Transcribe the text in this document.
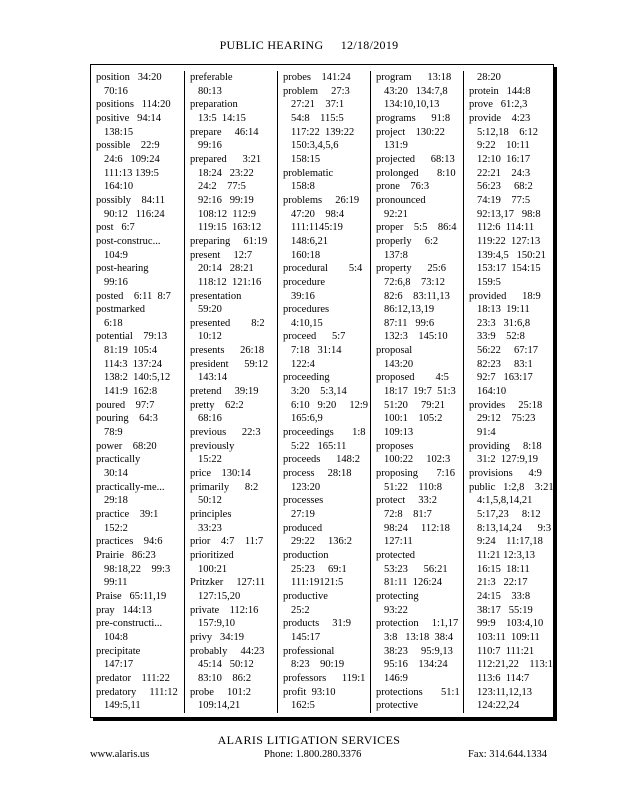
PUBLIC HEARING 12/18/2019
position   34:20
70:16
positions   114:20
positive   94:14
138:15
possible    22:9
24:6   109:24
111:13 139:5
164:10
possibly    84:11
90:12   116:24
post   6:7
post-construc...
104:9
post-hearing
99:16
posted    6:11  8:7
postmarked
6:18
potential    79:13
81:19  105:4
114:3  137:24
138:2  140:5,12
141:9  162:8
poured    97:7
pouring    64:3
78:9
power    68:20
practically
30:14
practically-me...
29:18
practice    39:1
152:2
practices    94:6
Prairie   86:23
98:18,22    99:3
99:11
Praise   65:11,19
pray   144:13
pre-constructi...
104:8
precipitate
147:17
predator    111:22
predatory     111:12
149:5,11
preferable
80:13
preparation
13:5  14:15
prepare     46:14
99:16
prepared      3:21
18:24   23:22
24:2    77:5
92:16   99:19
108:12  112:9
119:15  163:12
preparing     61:19
present     12:7
20:14   28:21
118:12  121:16
presentation
59:20
presented        8:2
10:12
presents      26:18
president      59:12
143:14
pretend     39:19
pretty    62:2
68:16
previous      22:3
previously
15:22
price    130:14
primarily      8:2
50:12
principles
33:23
prior    4:7    11:7
prioritized
100:21
Pritzker     127:11
127:15,20
private    112:16
157:9,10
privy   34:19
probably     44:23
45:14   50:12
83:10    86:2
probe     101:2
109:14,21
probes    141:24
problem     27:3
27:21    37:1
54:8    115:5
117:22  139:22
150:3,4,5,6
158:15
problematic
158:8
problems     26:19
47:20    98:4
111:1145:19
148:6,21
160:18
procedural        5:4
procedure
39:16
procedures
4:10,15
proceed      5:7
7:18   31:14
122:4
proceeding
3:20    5:3,14
6:10   9:20     12:9
165:6,9
proceedings       1:8
5:22   165:11
proceeds      148:2
process     28:18
123:20
processes
27:19
produced
29:22     136:2
production
25:23     69:1
111:19121:5
productive
25:2
products     31:9
145:17
professional
8:23    90:19
professors      119:1
profit  93:10
162:5
program      13:18
43:20   134:7,8
134:10,10,13
programs      91:8
project    130:22
131:9
projected      68:13
prolonged       8:10
prone    76:3
pronounced
92:21
proper    5:5    86:4
properly     6:2
137:8
property      25:6
72:6,8    73:12
82:6    83:11,13
86:12,13,19
87:11   99:6
132:3    145:10
proposal
143:20
proposed        4:5
18:17  19:7  51:3
51:20     79:21
100:1    105:2
109:13
proposes
100:22     102:3
proposing       7:16
51:22    110:8
protect     33:2
72:8    81:7
98:24     112:18
127:11
protected
53:23      56:21
81:11  126:24
protecting
93:22
protection     1:1,17
3:8   13:18  38:4
38:23     95:9,13
95:16    134:24
146:9
protections       51:1
protective
28:20
protein   144:8
prove   61:2,3
provide    4:23
5:12,18    6:12
9:22    10:11
12:10  16:17
22:21    24:3
56:23     68:2
74:19    77:5
92:13,17   98:8
112:6  114:11
119:22  127:13
139:4,5   150:21
153:17  154:15
159:5
provided      18:9
18:13  19:11
23:3   31:6,8
33:9    52:8
56:22     67:17
82:23     83:1
92:7   163:17
164:10
provides     25:18
29:12    75:23
91:4
providing     8:18
31:2  127:9,19
provisions      4:9
public   1:2,8    3:21
4:1,5,8,14,21
5:17,23     8:12
8:13,14,24      9:3
9:24    11:17,18
11:21 12:3,13
16:15  18:11
21:3   22:17
24:15    33:8
38:17   55:19
99:9    103:4,10
103:11  109:11
110:7  111:21
112:21,22    113:1
113:6  114:7
123:11,12,13
124:22,24
ALARIS LITIGATION SERVICES
www.alaris.us	Phone: 1.800.280.3376	Fax: 314.644.1334
